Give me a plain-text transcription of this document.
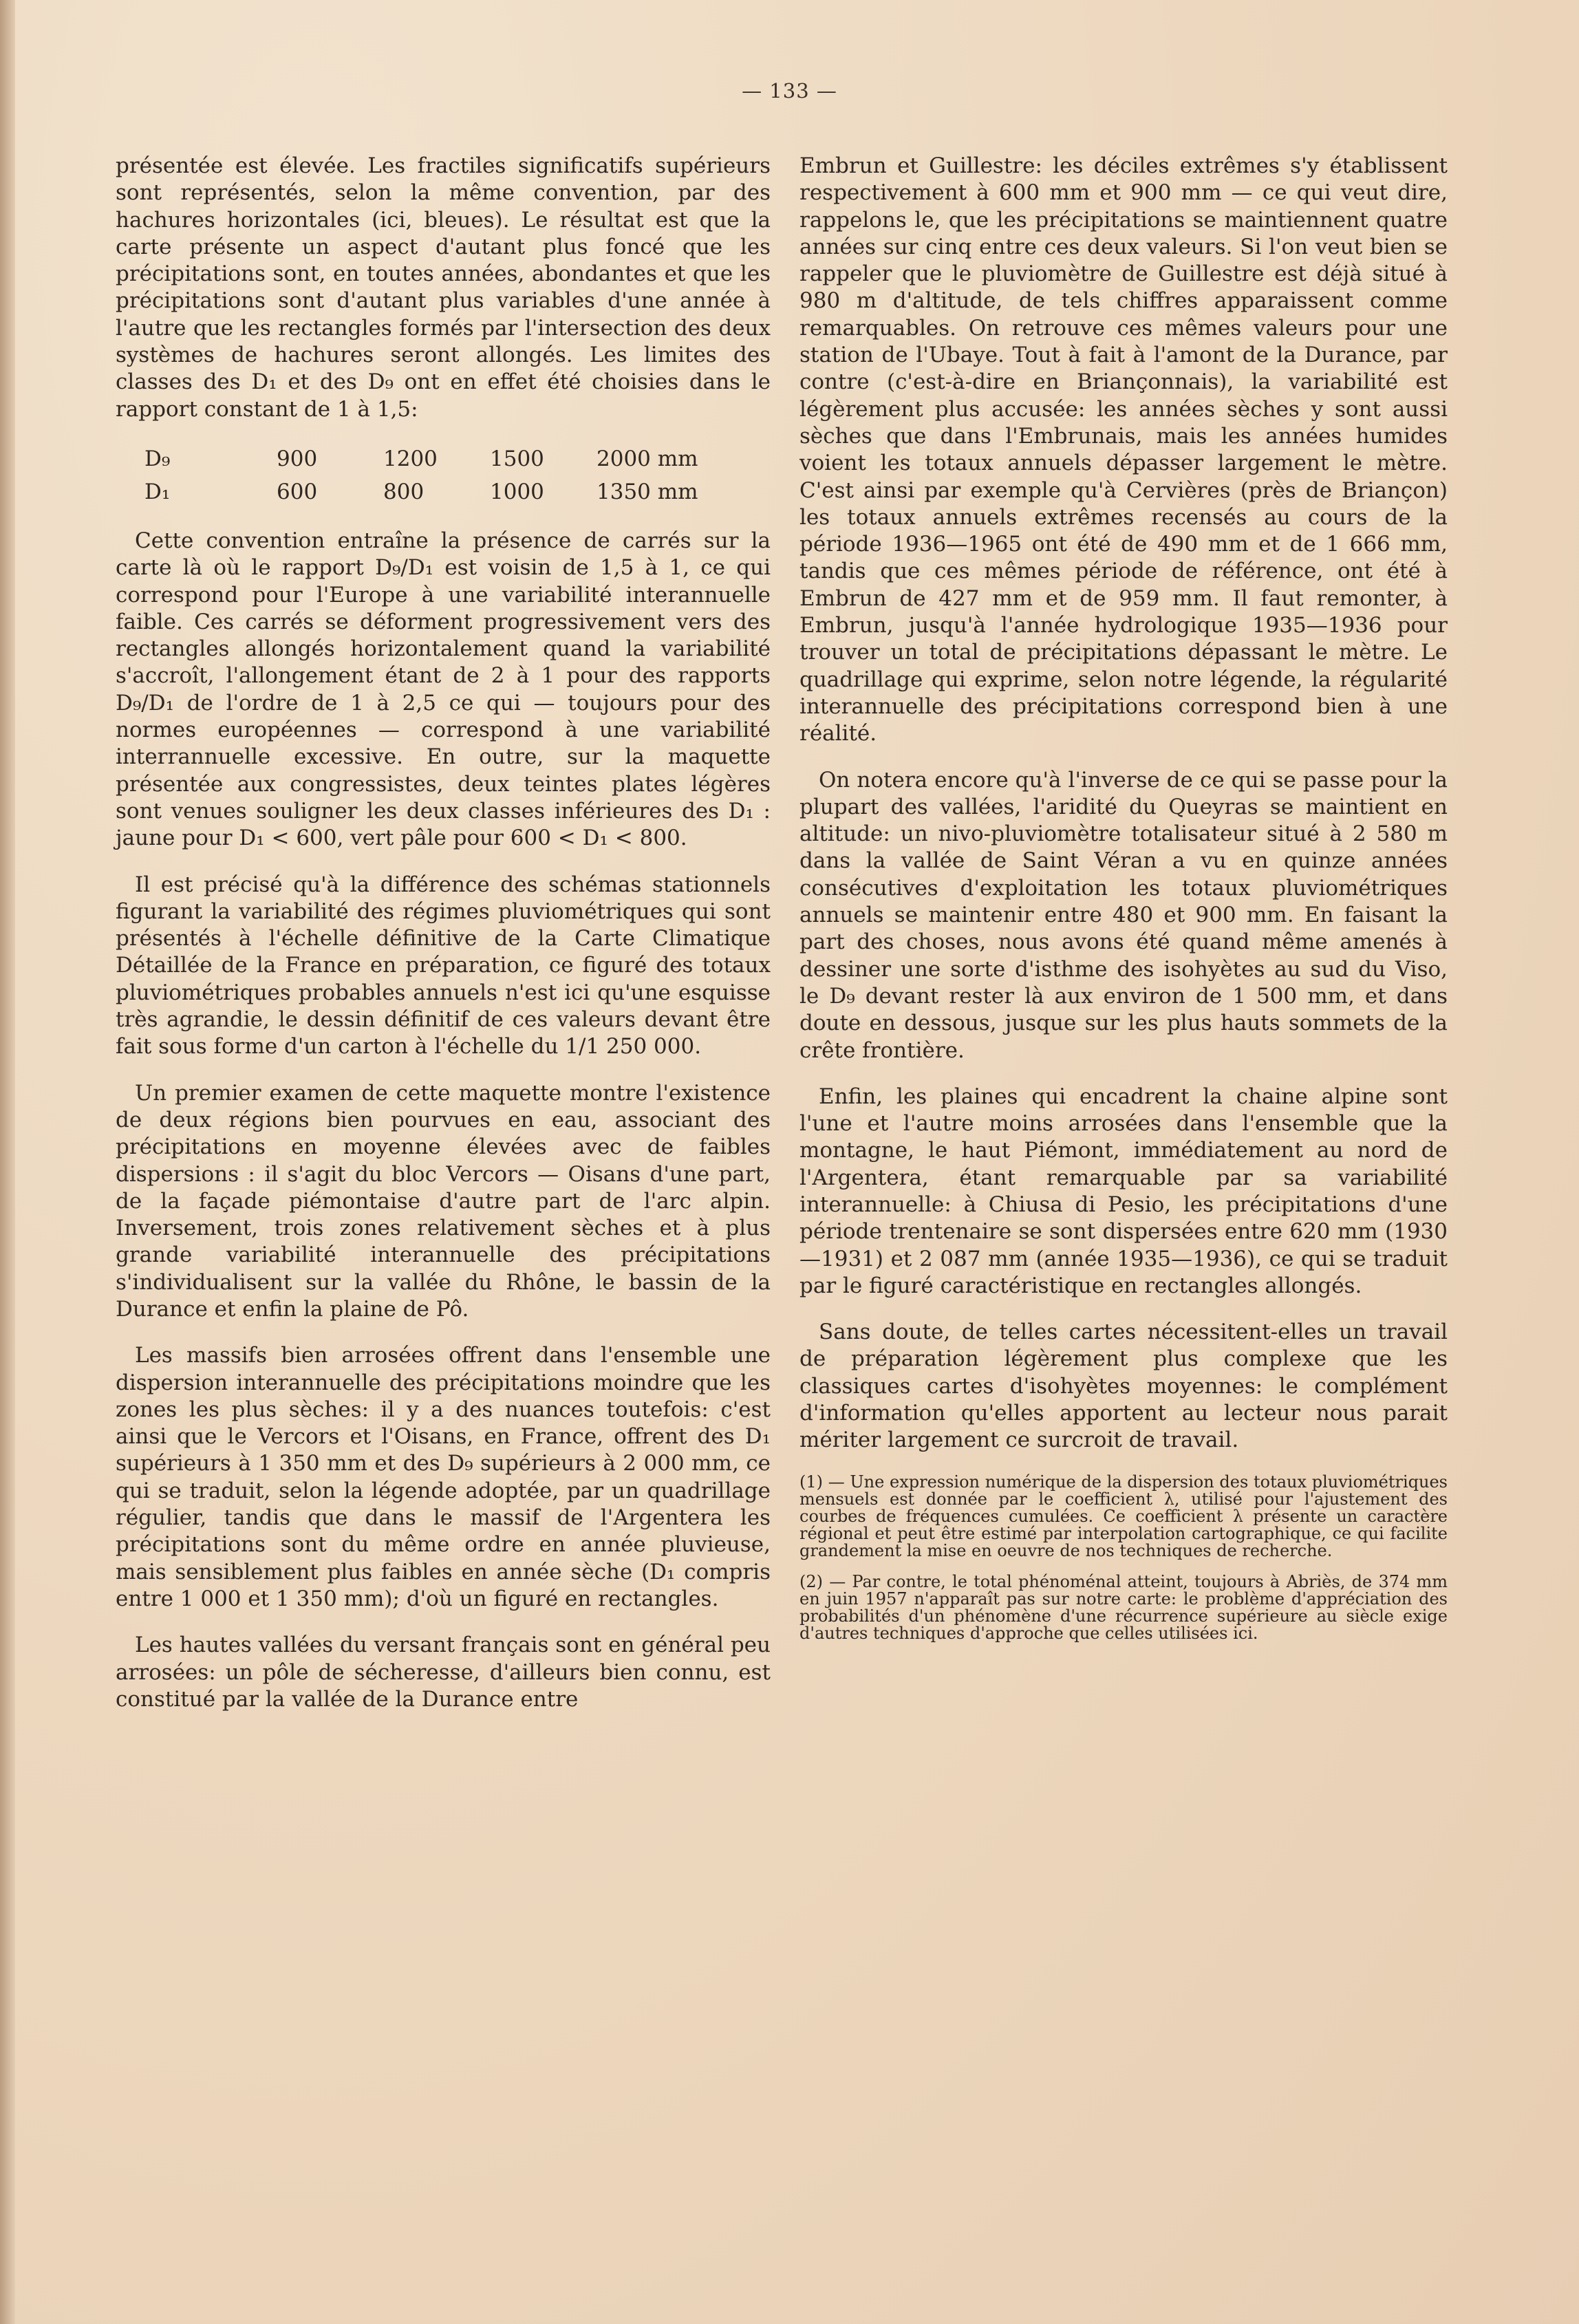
— 133 —

présentée est élevée. Les fractiles significatifs supérieurs sont représentés, selon la même convention, par des hachures horizontales (ici, bleues). Le résultat est que la carte présente un aspect d'autant plus foncé que les précipitations sont, en toutes années, abondantes et que les précipitations sont d'autant plus variables d'une année à l'autre que les rectangles formés par l'intersection des deux systèmes de hachures seront allongés. Les limites des classes des D₁ et des D₉ ont en effet été choisies dans le rapport constant de 1 à 1,5:

D₉	900	1200	1500	2000 mm
D₁	600	800	1000	1350 mm

Cette convention entraîne la présence de carrés sur la carte là où le rapport D₉/D₁ est voisin de 1,5 à 1, ce qui correspond pour l'Europe à une variabilité interannuelle faible. Ces carrés se déforment progressivement vers des rectangles allongés horizontalement quand la variabilité s'accroît, l'allongement étant de 2 à 1 pour des rapports D₉/D₁ de l'ordre de 1 à 2,5 ce qui — toujours pour des normes européennes — correspond à une variabilité interrannuelle excessive. En outre, sur la maquette présentée aux congressistes, deux teintes plates légères sont venues souligner les deux classes inférieures des D₁ : jaune pour D₁ < 600, vert pâle pour 600 < D₁ < 800.

Il est précisé qu'à la différence des schémas stationnels figurant la variabilité des régimes pluviométriques qui sont présentés à l'échelle définitive de la Carte Climatique Détaillée de la France en préparation, ce figuré des totaux pluviométriques probables annuels n'est ici qu'une esquisse très agrandie, le dessin définitif de ces valeurs devant être fait sous forme d'un carton à l'échelle du 1/1 250 000.

Un premier examen de cette maquette montre l'existence de deux régions bien pourvues en eau, associant des précipitations en moyenne élevées avec de faibles dispersions : il s'agit du bloc Vercors — Oisans d'une part, de la façade piémontaise d'autre part de l'arc alpin. Inversement, trois zones relativement sèches et à plus grande variabilité interannuelle des précipitations s'individualisent sur la vallée du Rhône, le bassin de la Durance et enfin la plaine de Pô.

Les massifs bien arrosées offrent dans l'ensemble une dispersion interannuelle des précipitations moindre que les zones les plus sèches: il y a des nuances toutefois: c'est ainsi que le Vercors et l'Oisans, en France, offrent des D₁ supérieurs à 1 350 mm et des D₉ supérieurs à 2 000 mm, ce qui se traduit, selon la légende adoptée, par un quadrillage régulier, tandis que dans le massif de l'Argentera les précipitations sont du même ordre en année pluvieuse, mais sensiblement plus faibles en année sèche (D₁ compris entre 1 000 et 1 350 mm); d'où un figuré en rectangles.

Les hautes vallées du versant français sont en général peu arrosées: un pôle de sécheresse, d'ailleurs bien connu, est constitué par la vallée de la Durance entre

Embrun et Guillestre: les déciles extrêmes s'y établissent respectivement à 600 mm et 900 mm — ce qui veut dire, rappelons le, que les précipitations se maintiennent quatre années sur cinq entre ces deux valeurs. Si l'on veut bien se rappeler que le pluviomètre de Guillestre est déjà situé à 980 m d'altitude, de tels chiffres apparaissent comme remarquables. On retrouve ces mêmes valeurs pour une station de l'Ubaye. Tout à fait à l'amont de la Durance, par contre (c'est-à-dire en Briançonnais), la variabilité est légèrement plus accusée: les années sèches y sont aussi sèches que dans l'Embrunais, mais les années humides voient les totaux annuels dépasser largement le mètre. C'est ainsi par exemple qu'à Cervières (près de Briançon) les totaux annuels extrêmes recensés au cours de la période 1936—1965 ont été de 490 mm et de 1 666 mm, tandis que ces mêmes période de référence, ont été à Embrun de 427 mm et de 959 mm. Il faut remonter, à Embrun, jusqu'à l'année hydrologique 1935—1936 pour trouver un total de précipitations dépassant le mètre. Le quadrillage qui exprime, selon notre légende, la régularité interannuelle des précipitations correspond bien à une réalité.

On notera encore qu'à l'inverse de ce qui se passe pour la plupart des vallées, l'aridité du Queyras se maintient en altitude: un nivo-pluviomètre totalisateur situé à 2 580 m dans la vallée de Saint Véran a vu en quinze années consécutives d'exploitation les totaux pluviométriques annuels se maintenir entre 480 et 900 mm. En faisant la part des choses, nous avons été quand même amenés à dessiner une sorte d'isthme des isohyètes au sud du Viso, le D₉ devant rester là aux environ de 1 500 mm, et dans doute en dessous, jusque sur les plus hauts sommets de la crête frontière.

Enfin, les plaines qui encadrent la chaine alpine sont l'une et l'autre moins arrosées dans l'ensemble que la montagne, le haut Piémont, immédiatement au nord de l'Argentera, étant remarquable par sa variabilité interannuelle: à Chiusa di Pesio, les précipitations d'une période trentenaire se sont dispersées entre 620 mm (1930—1931) et 2 087 mm (année 1935—1936), ce qui se traduit par le figuré caractéristique en rectangles allongés.

Sans doute, de telles cartes nécessitent-elles un travail de préparation légèrement plus complexe que les classiques cartes d'isohyètes moyennes: le complément d'information qu'elles apportent au lecteur nous parait mériter largement ce surcroit de travail.

(1) — Une expression numérique de la dispersion des totaux pluviométriques mensuels est donnée par le coefficient λ, utilisé pour l'ajustement des courbes de fréquences cumulées. Ce coefficient λ présente un caractère régional et peut être estimé par interpolation cartographique, ce qui facilite grandement la mise en oeuvre de nos techniques de recherche.

(2) — Par contre, le total phénoménal atteint, toujours à Abriès, de 374 mm en juin 1957 n'apparaît pas sur notre carte: le problème d'appréciation des probabilités d'un phénomène d'une récurrence supérieure au siècle exige d'autres techniques d'approche que celles utilisées ici.
